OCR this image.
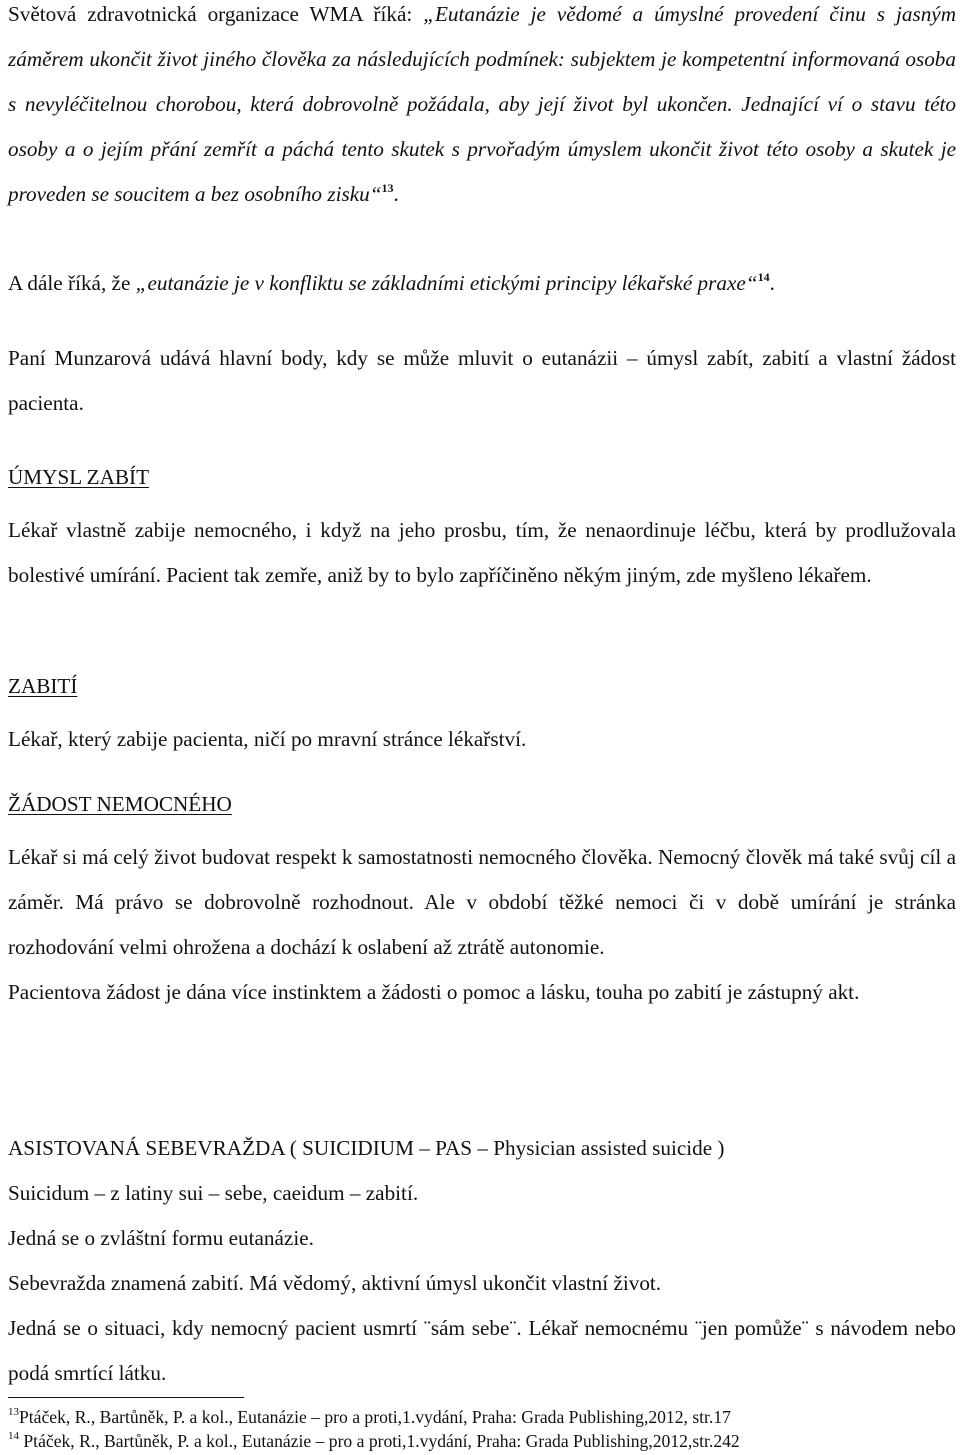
Světová zdravotnická organizace WMA říká: „Eutanázie je vědomé a úmyslné provedení činu s jasným záměrem ukončit život jiného člověka za následujících podmínek: subjektem je kompetentní informovaná osoba s nevyléčitelnou chorobou, která dobrovolně požádala, aby její život byl ukončen. Jednající ví o stavu této osoby a o jejím přání zemřít a páchá tento skutek s prvořadým úmyslem ukončit život této osoby a skutek je proveden se soucitem a bez osobního zisku“$^{13}$.

A dále říká, že „eutanázie je v konfliktu se základními etickými principy lékařské praxe“$^{14}$.

Paní Munzarová udává hlavní body, kdy se může mluvit o eutanázii – úmysl zabít, zabití a vlastní žádost pacienta.

ÚMYSL ZABÍT

Lékař vlastně zabije nemocného, i když na jeho prosbu, tím, že nenaordinuje léčbu, která by prodlužovala bolestivé umírání. Pacient tak zemře, aniž by to bylo zapříčiněno někým jiným, zde myšleno lékařem.

ZABITÍ

Lékař, který zabije pacienta, ničí po mravní stránce lékařství.

ŽÁDOST NEMOCNÉHO

Lékař si má celý život budovat respekt k samostatnosti nemocného člověka. Nemocný člověk má také svůj cíl a záměr. Má právo se dobrovolně rozhodnout. Ale v období těžké nemoci či v době umírání je stránka rozhodování velmi ohrožena a dochází k oslabení až ztrátě autonomie.

Pacientova žádost je dána více instinktem a žádosti o pomoc a lásku, touha po zabití je zástupný akt.

ASISTOVANÁ SEBEVRAŽDA ( SUICIDIUM – PAS – Physician assisted suicide )

Suicidum – z latiny sui – sebe, caeidum – zabití.

Jedná se o zvláštní formu eutanázie.

Sebevražda znamená zabití. Má vědomý, aktivní úmysl ukončit vlastní život.

Jedná se o situaci, kdy nemocný pacient usmrtí ¨sám sebe¨. Lékař nemocnému ¨jen pomůže¨ s návodem nebo podá smrtící látku.

$^{13}$Ptáček, R., Bartůněk, P. a kol., Eutanázie – pro a proti,1.vydání, Praha: Grada Publishing,2012, str.17

$^{14}$ Ptáček, R., Bartůněk, P. a kol., Eutanázie – pro a proti,1.vydání, Praha: Grada Publishing,2012,str.242
